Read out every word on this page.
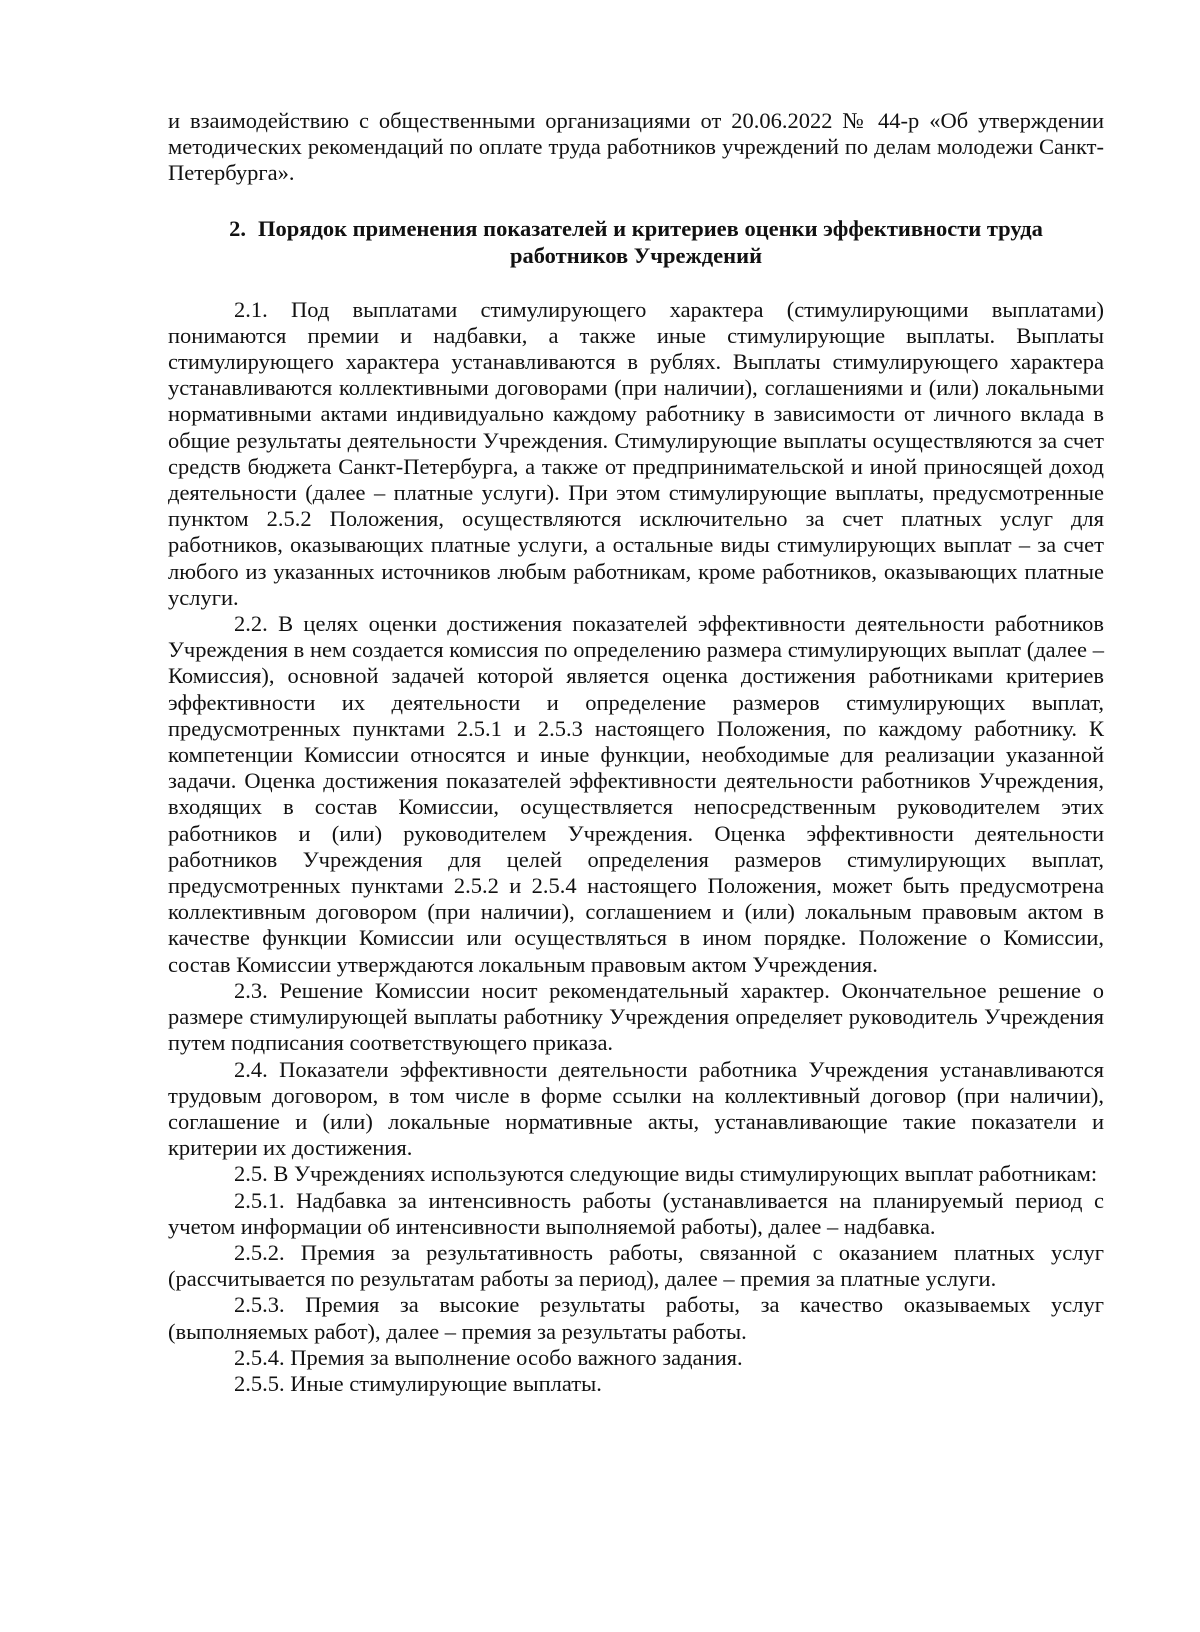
и взаимодействию с общественными организациями от 20.06.2022 № 44-р «Об утверждении методических рекомендаций по оплате труда работников учреждений по делам молодежи Санкт-Петербурга».

2. Порядок применения показателей и критериев оценки эффективности труда работников Учреждений

2.1. Под выплатами стимулирующего характера (стимулирующими выплатами) понимаются премии и надбавки, а также иные стимулирующие выплаты. Выплаты стимулирующего характера устанавливаются в рублях. Выплаты стимулирующего характера устанавливаются коллективными договорами (при наличии), соглашениями и (или) локальными нормативными актами индивидуально каждому работнику в зависимости от личного вклада в общие результаты деятельности Учреждения. Стимулирующие выплаты осуществляются за счет средств бюджета Санкт-Петербурга, а также от предпринимательской и иной приносящей доход деятельности (далее – платные услуги). При этом стимулирующие выплаты, предусмотренные пунктом 2.5.2 Положения, осуществляются исключительно за счет платных услуг для работников, оказывающих платные услуги, а остальные виды стимулирующих выплат – за счет любого из указанных источников любым работникам, кроме работников, оказывающих платные услуги.

2.2. В целях оценки достижения показателей эффективности деятельности работников Учреждения в нем создается комиссия по определению размера стимулирующих выплат (далее – Комиссия), основной задачей которой является оценка достижения работниками критериев эффективности их деятельности и определение размеров стимулирующих выплат, предусмотренных пунктами 2.5.1 и 2.5.3 настоящего Положения, по каждому работнику. К компетенции Комиссии относятся и иные функции, необходимые для реализации указанной задачи. Оценка достижения показателей эффективности деятельности работников Учреждения, входящих в состав Комиссии, осуществляется непосредственным руководителем этих работников и (или) руководителем Учреждения. Оценка эффективности деятельности работников Учреждения для целей определения размеров стимулирующих выплат, предусмотренных пунктами 2.5.2 и 2.5.4 настоящего Положения, может быть предусмотрена коллективным договором (при наличии), соглашением и (или) локальным правовым актом в качестве функции Комиссии или осуществляться в ином порядке. Положение о Комиссии, состав Комиссии утверждаются локальным правовым актом Учреждения.

2.3. Решение Комиссии носит рекомендательный характер. Окончательное решение о размере стимулирующей выплаты работнику Учреждения определяет руководитель Учреждения путем подписания соответствующего приказа.

2.4. Показатели эффективности деятельности работника Учреждения устанавливаются трудовым договором, в том числе в форме ссылки на коллективный договор (при наличии), соглашение и (или) локальные нормативные акты, устанавливающие такие показатели и критерии их достижения.

2.5. В Учреждениях используются следующие виды стимулирующих выплат работникам:

2.5.1. Надбавка за интенсивность работы (устанавливается на планируемый период с учетом информации об интенсивности выполняемой работы), далее – надбавка.

2.5.2. Премия за результативность работы, связанной с оказанием платных услуг (рассчитывается по результатам работы за период), далее – премия за платные услуги.

2.5.3. Премия за высокие результаты работы, за качество оказываемых услуг (выполняемых работ), далее – премия за результаты работы.

2.5.4. Премия за выполнение особо важного задания.

2.5.5. Иные стимулирующие выплаты.
